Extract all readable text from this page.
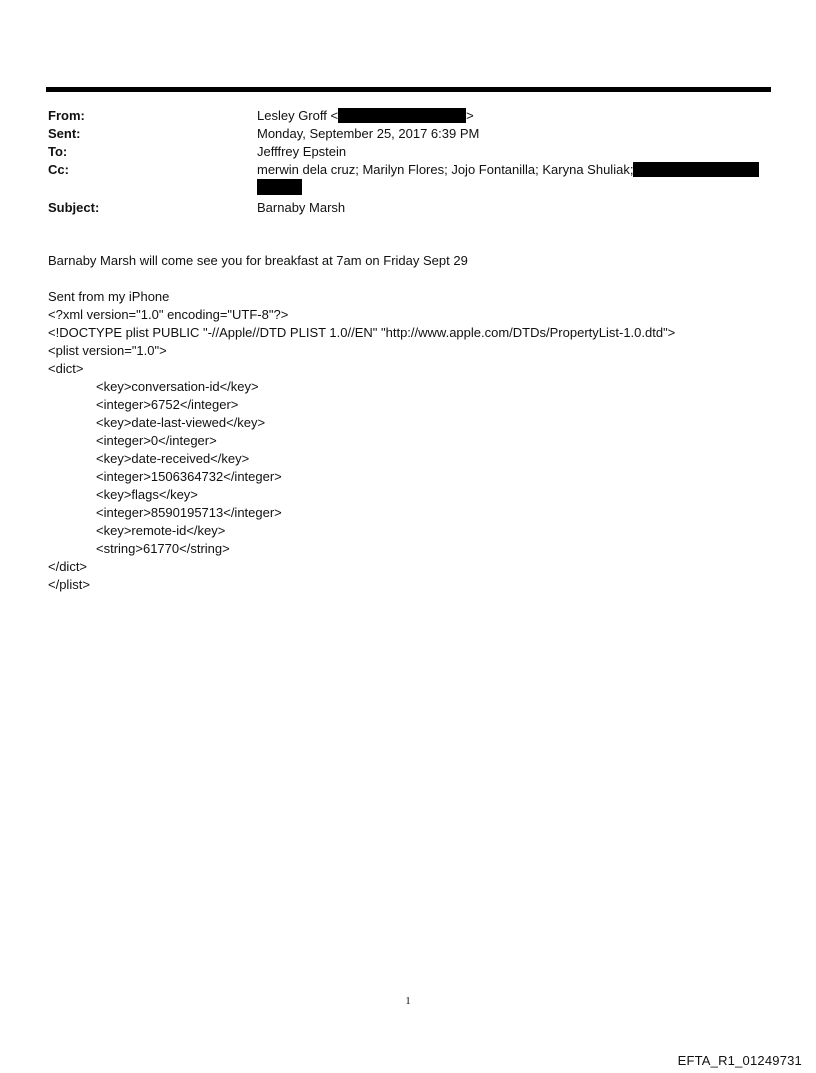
From:	Lesley Groff <	>
Sent:	Monday, September 25, 2017 6:39 PM
To:	Jefffrey Epstein
Cc:	merwin dela cruz; Marilyn Flores; Jojo Fontanilla; Karyna Shuliak;
Subject:	Barnaby Marsh
Barnaby Marsh will come see you for breakfast at 7am on Friday Sept 29
Sent from my iPhone
<?xml version="1.0" encoding="UTF-8"?>
<!DOCTYPE plist PUBLIC "-//Apple//DTD PLIST 1.0//EN" "http://www.apple.com/DTDs/PropertyList-1.0.dtd">
<plist version="1.0">
<dict>
<key>conversation-id</key>
<integer>6752</integer>
<key>date-last-viewed</key>
<integer>0</integer>
<key>date-received</key>
<integer>1506364732</integer>
<key>flags</key>
<integer>8590195713</integer>
<key>remote-id</key>
<string>61770</string>
</dict>
</plist>
1
EFTA_R1_01249731
